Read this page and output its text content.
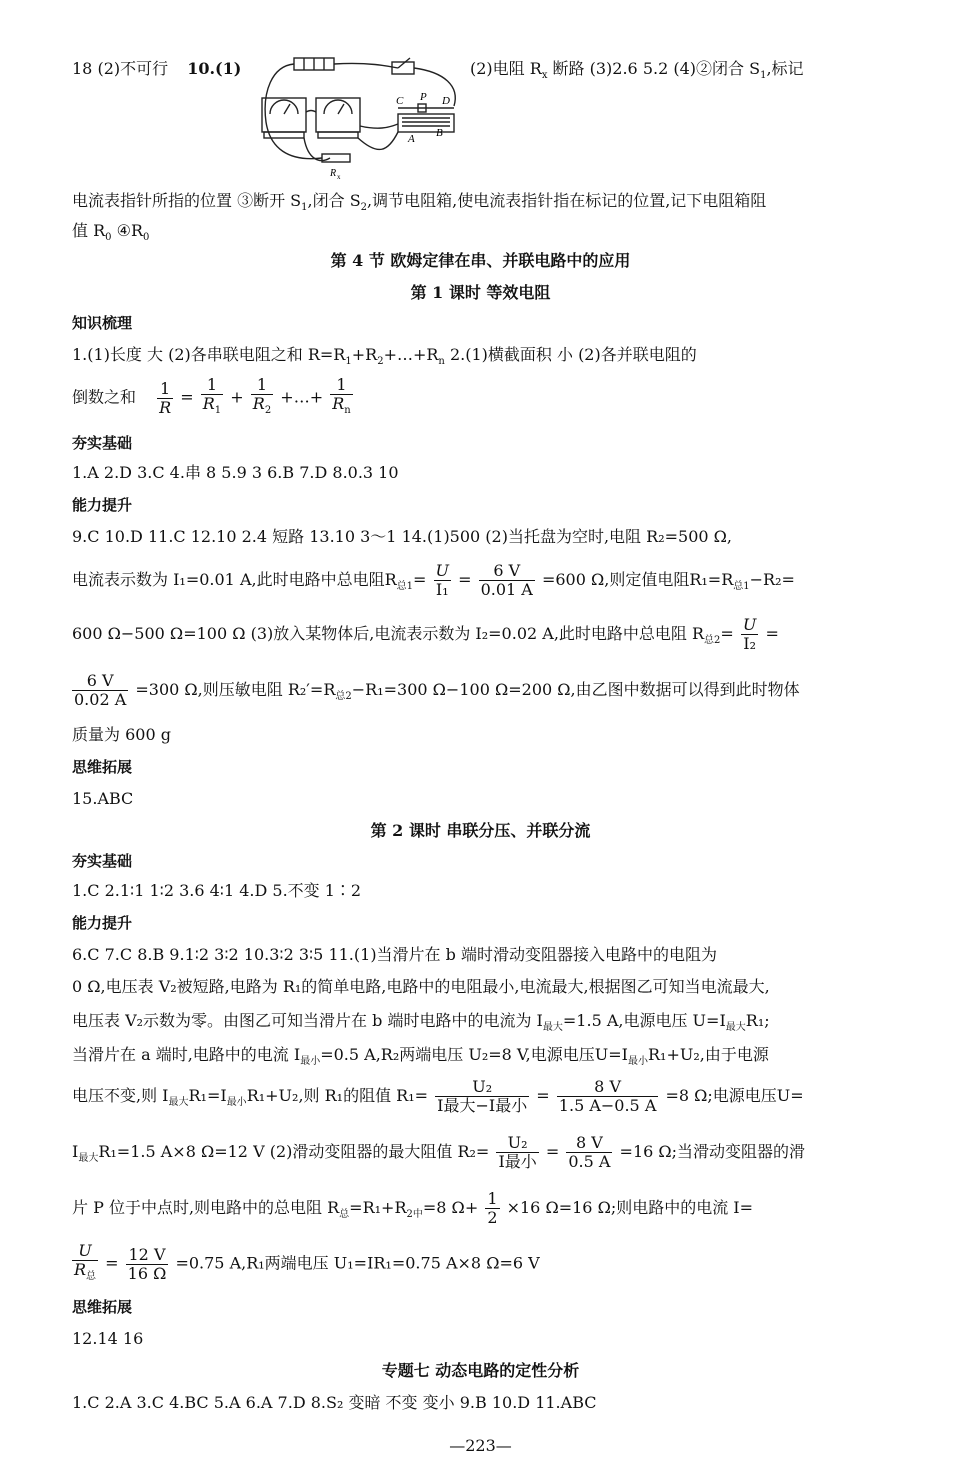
18 (2)不可行 10.(1)	(2)电阻 $R_x$ 断路 (3)2.6 5.2 (4)②闭合 $S_1$,标记
C P D
A B
R x
电流表指针所指的位置 ③断开 $S_1$,闭合 $S_2$,调节电阻箱,使电流表指针指在标记的位置,记下电阻箱阻
值 $R_0$ $④R_0$
第 4 节 欧姆定律在串、并联电路中的应用
第 1 课时 等效电阻
知识梳理
1.(1)长度 大 (2)各串联电阻之和 $R=R_1+R_2+\dots+R_n$ 2.(1)横截面积 小 (2)各并联电阻的
倒数之和 $\frac{1}{R} = \frac{1}{R_1} + \frac{1}{R_2}$ +…+ $\frac{1}{R_n}$
夯实基础
1.A 2.D 3.C 4.串 8 5.9 3 6.B 7.D 8.0.3 10
能力提升
9.C 10.D 11.C 12.10 2.4 短路 13.10 3～1 14.(1)500 (2)当托盘为空时,电阻 R₂=500 Ω,
电流表示数为 I₁=0.01 A,此时电路中总电阻$R_{总1}= \frac{U}{\text{I₁}} = \frac{6 V}{0.01 A} =600$ Ω,则定值电阻$R_1=R_{总1}-R_2=$
600 Ω−500 Ω=100 Ω (3)放入某物体后,电流表示数为 I₂=0.02 A,此时电路中总电阻 $R_{总2}= \frac{U}{\text{I₂}}$ =
$\frac{6 V}{0.02 A} =300$ Ω,则压敏电阻 $R_2'=R_{总2}-R_1=300$ Ω−100 Ω=200 Ω,由乙图中数据可以得到此时物体
质量为 600 g
思维拓展
15.ABC
第 2 课时 串联分压、并联分流
夯实基础
1.C 2.1∶1 1∶2 3.6 4∶1 4.D 5.不变 1∶2
能力提升
6.C 7.C 8.B 9.1∶2 3∶2 10.3∶2 3∶5 11.(1)当滑片在 b 端时滑动变阻器接入电路中的电阻为
0 Ω,电压表 V₂被短路,电路为 R₁的简单电路,电路中的电阻最小,电流最大,根据图乙可知当电流最大,
电压表 V₂示数为零。由图乙可知当滑片在 b 端时电路中的电流为 $I_{最大}=1.5$ A,电源电压 $U=I_{最大}R_1$;
当滑片在 a 端时,电路中的电流 $I_{最小}=0.5$ A,R₂两端电压 U₂=8 V,电源电压$U=I_{最小}R_1+U_2$,由于电源
电压不变,则 $I_{最大}R_1=I_{最小}R_1+U_2$,则 R₁的阻值 $R_1= \frac{\text{U₂}}{\text{I最大−I最小}} = \frac{8 V}{1.5 A-0.5 A} =8$ Ω;电源电压U=
$I_{最大}R_1=1.5$ A×8 Ω=12 V (2)滑动变阻器的最大阻值 $R_2= \frac{\text{U₂}}{\text{I最小}} = \frac{8 V}{0.5 A} =16$ Ω;当滑动变阻器的滑
片 P 位于中点时,则电路中的总电阻 $R_总=R_1+R_{2中}=8$ $\Omega+ \frac{1}{2} \times 16$ Ω=16 Ω;则电路中的电流 I=
$\frac{U}{R_总} = \frac{12 V}{16 \Omega} =0.75$ A,R₁两端电压 U₁=IR₁=0.75 A×8 Ω=6 V
思维拓展
12.14 16
专题七 动态电路的定性分析
1.C 2.A 3.C 4.BC 5.A 6.A 7.D 8.S₂ 变暗 不变 变小 9.B 10.D 11.ABC
—223—
